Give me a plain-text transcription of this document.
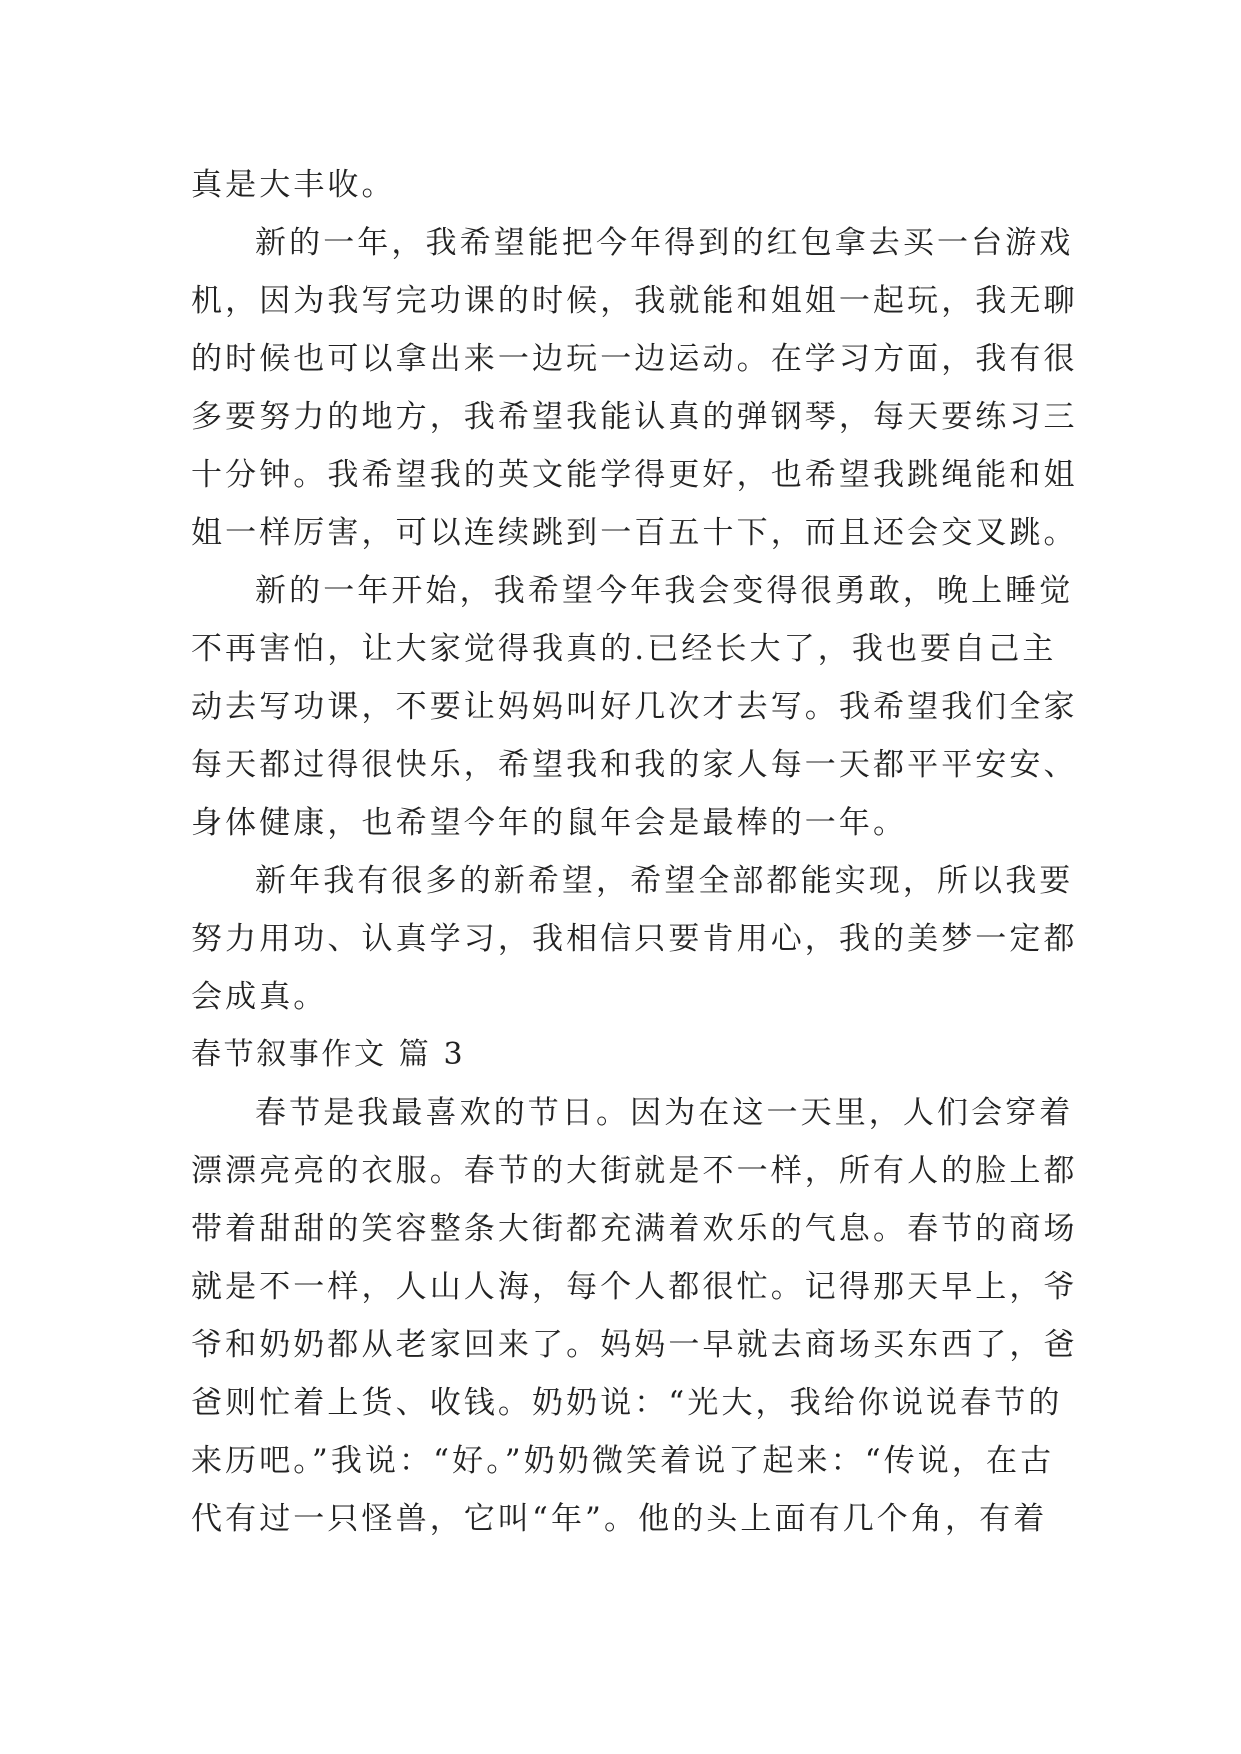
真是大丰收。
新的一年，我希望能把今年得到的红包拿去买一台游戏
机，因为我写完功课的时候，我就能和姐姐一起玩，我无聊
的时候也可以拿出来一边玩一边运动。在学习方面，我有很
多要努力的地方，我希望我能认真的弹钢琴，每天要练习三
十分钟。我希望我的英文能学得更好，也希望我跳绳能和姐
姐一样厉害，可以连续跳到一百五十下，而且还会交叉跳。
新的一年开始，我希望今年我会变得很勇敢，晚上睡觉
不再害怕，让大家觉得我真的.已经长大了，我也要自己主
动去写功课，不要让妈妈叫好几次才去写。我希望我们全家
每天都过得很快乐，希望我和我的家人每一天都平平安安、
身体健康，也希望今年的鼠年会是最棒的一年。
新年我有很多的新希望，希望全部都能实现，所以我要
努力用功、认真学习，我相信只要肯用心，我的美梦一定都
会成真。
春节叙事作文 篇 3
春节是我最喜欢的节日。因为在这一天里，人们会穿着
漂漂亮亮的衣服。春节的大街就是不一样，所有人的脸上都
带着甜甜的笑容整条大街都充满着欢乐的气息。春节的商场
就是不一样，人山人海，每个人都很忙。记得那天早上，爷
爷和奶奶都从老家回来了。妈妈一早就去商场买东西了，爸
爸则忙着上货、收钱。奶奶说：“光大，我给你说说春节的
来历吧。”我说：“好。”奶奶微笑着说了起来：“传说，在古
代有过一只怪兽，它叫“年”。他的头上面有几个角，有着
